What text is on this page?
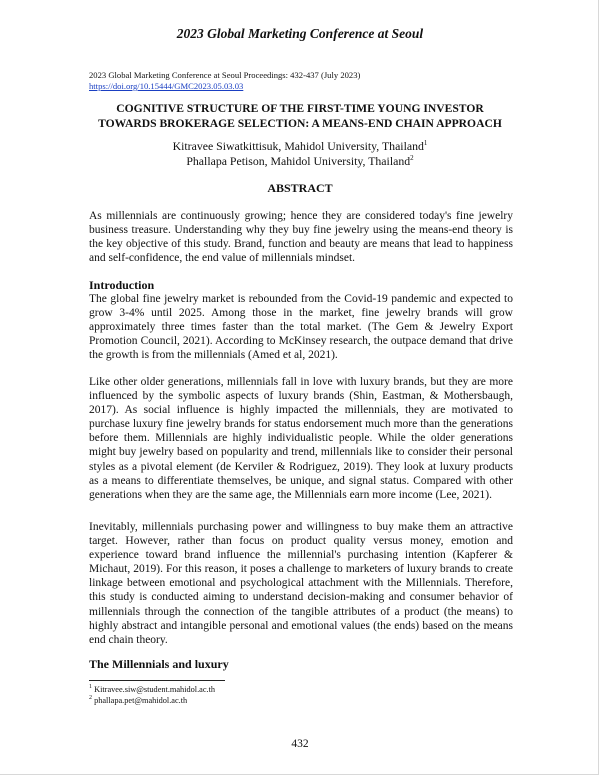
2023 Global Marketing Conference at Seoul
2023 Global Marketing Conference at Seoul Proceedings: 432-437 (July 2023)
https://doi.org/10.15444/GMC2023.05.03.03
COGNITIVE STRUCTURE OF THE FIRST-TIME YOUNG INVESTOR
TOWARDS BROKERAGE SELECTION: A MEANS-END CHAIN APPROACH
Kitravee Siwatkittisuk, Mahidol University, Thailand$^1$
Phallapa Petison, Mahidol University, Thailand$^2$
ABSTRACT
As millennials are continuously growing; hence they are considered today's fine jewelry business treasure. Understanding why they buy fine jewelry using the means-end theory is the key objective of this study. Brand, function and beauty are means that lead to happiness and self-confidence, the end value of millennials mindset.
Introduction
The global fine jewelry market is rebounded from the Covid-19 pandemic and expected to grow 3-4% until 2025. Among those in the market, fine jewelry brands will grow approximately three times faster than the total market. (The Gem & Jewelry Export Promotion Council, 2021). According to McKinsey research, the outpace demand that drive the growth is from the millennials (Amed et al, 2021).
Like other older generations, millennials fall in love with luxury brands, but they are more influenced by the symbolic aspects of luxury brands (Shin, Eastman, & Mothersbaugh, 2017). As social influence is highly impacted the millennials, they are motivated to purchase luxury fine jewelry brands for status endorsement much more than the generations before them. Millennials are highly individualistic people. While the older generations might buy jewelry based on popularity and trend, millennials like to consider their personal styles as a pivotal element (de Kerviler & Rodriguez, 2019). They look at luxury products as a means to differentiate themselves, be unique, and signal status. Compared with other generations when they are the same age, the Millennials earn more income (Lee, 2021).
Inevitably, millennials purchasing power and willingness to buy make them an attractive target. However, rather than focus on product quality versus money, emotion and experience toward brand influence the millennial's purchasing intention (Kapferer & Michaut, 2019). For this reason, it poses a challenge to marketers of luxury brands to create linkage between emotional and psychological attachment with the Millennials. Therefore, this study is conducted aiming to understand decision-making and consumer behavior of millennials through the connection of the tangible attributes of a product (the means) to highly abstract and intangible personal and emotional values (the ends) based on the means end chain theory.
The Millennials and luxury
$^1$ Kitravee.siw@student.mahidol.ac.th
$^2$ phallapa.pet@mahidol.ac.th
432
